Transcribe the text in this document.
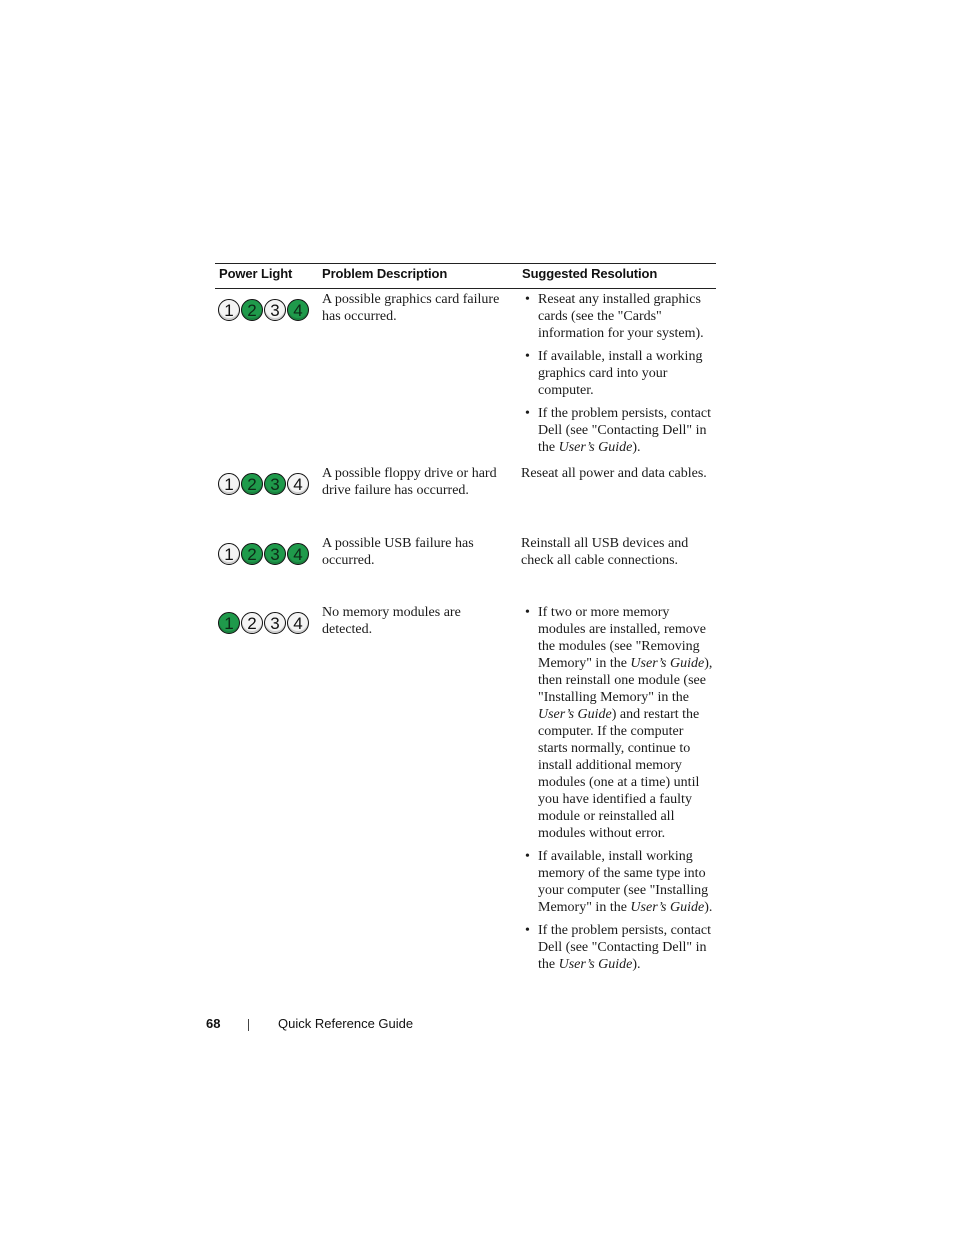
Power Light Problem Description	Suggested Resolution
1 2 3 4
A possible graphics card failure has occurred.
• Reseat any installed graphics cards (see the "Cards" information for your system).
• If available, install a working graphics card into your computer.
• If the problem persists, contact Dell (see "Contacting Dell" in the User’s Guide).
1 2 3 4
A possible floppy drive or hard drive failure has occurred.
Reseat all power and data cables.
1 2 3 4
A possible USB failure has occurred.
Reinstall all USB devices and check all cable connections.
1 2 3 4
No memory modules are detected.
• If two or more memory modules are installed, remove the modules (see "Removing Memory" in the User’s Guide), then reinstall one module (see "Installing Memory" in the User’s Guide) and restart the computer. If the computer starts normally, continue to install additional memory modules (one at a time) until you have identified a faulty module or reinstalled all modules without error.
• If available, install working memory of the same type into your computer (see "Installing Memory" in the User’s Guide).
• If the problem persists, contact Dell (see "Contacting Dell" in the User’s Guide).
68	Quick Reference Guide
